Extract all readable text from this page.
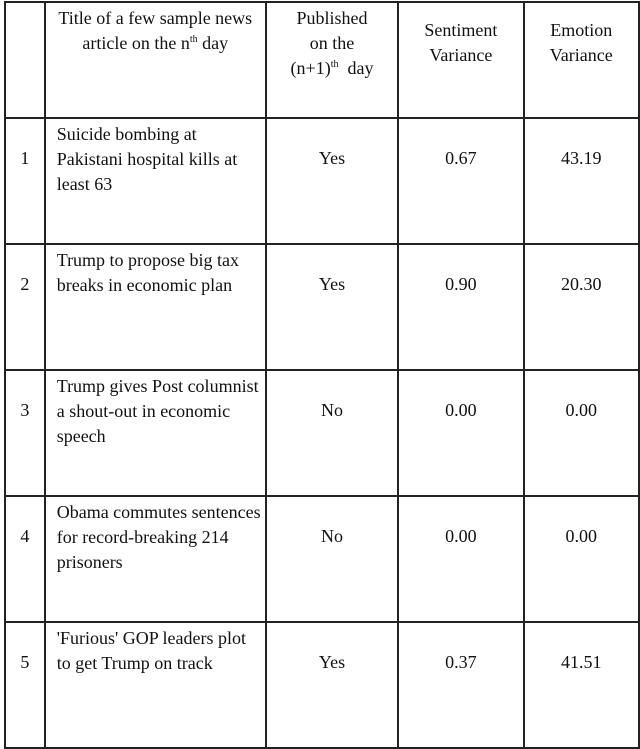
	Title of a few sample news article on the $n^{th}$ day	Published
on the
$(n+1)^{th}$  day	Sentiment Variance	Emotion Variance
1	Suicide bombing at Pakistani hospital kills at least 63	Yes	0.67	43.19
2	Trump to propose big tax breaks in economic plan	Yes	0.90	20.30
3	Trump gives Post columnist a shout-out in economic speech	No	0.00	0.00
4	Obama commutes sentences for record-breaking 214 prisoners	No	0.00	0.00
5	'Furious' GOP leaders plot to get Trump on track	Yes	0.37	41.51
